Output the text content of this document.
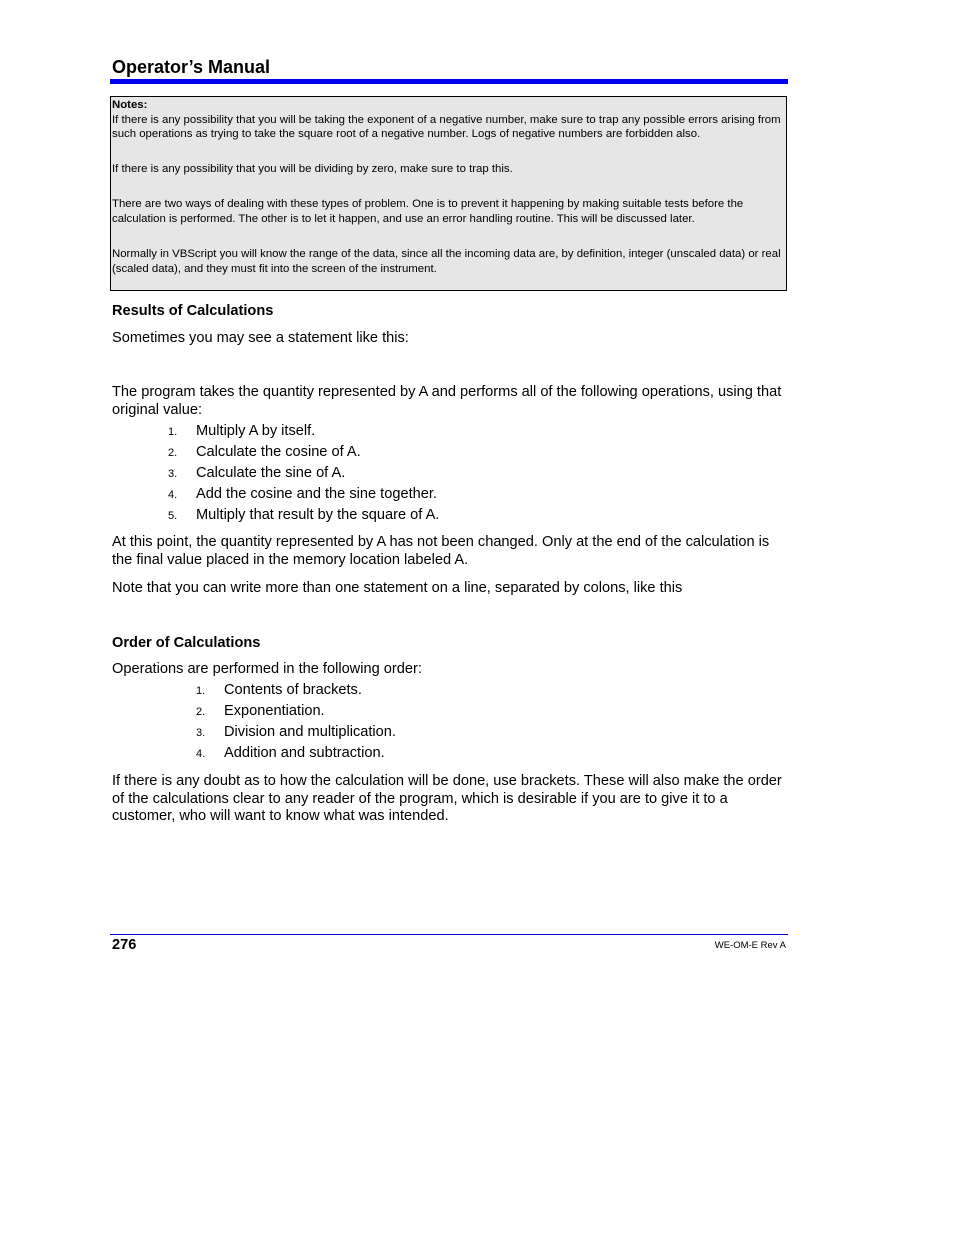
Operator’s Manual
Notes:

If there is any possibility that you will be taking the exponent of a negative number, make sure to trap any possible errors arising from such operations as trying to take the square root of a negative number. Logs of negative numbers are forbidden also.

If there is any possibility that you will be dividing by zero, make sure to trap this.

There are two ways of dealing with these types of problem. One is to prevent it happening by making suitable tests before the calculation is performed. The other is to let it happen, and use an error handling routine. This will be discussed later.

Normally in VBScript you will know the range of the data, since all the incoming data are, by definition, integer (unscaled data) or real (scaled data), and they must fit into the screen of the instrument.

Results of Calculations

Sometimes you may see a statement like this:

The program takes the quantity represented by A and performs all of the following operations, using that original value:

1. Multiply A by itself.
2. Calculate the cosine of A.
3. Calculate the sine of A.
4. Add the cosine and the sine together.
5. Multiply that result by the square of A.

At this point, the quantity represented by A has not been changed. Only at the end of the calculation is the final value placed in the memory location labeled A.

Note that you can write more than one statement on a line, separated by colons, like this

Order of Calculations

Operations are performed in the following order:

1. Contents of brackets.
2. Exponentiation.
3. Division and multiplication.
4. Addition and subtraction.

If there is any doubt as to how the calculation will be done, use brackets. These will also make the order of the calculations clear to any reader of the program, which is desirable if you are to give it to a customer, who will want to know what was intended.

276	WE-OM-E Rev A
